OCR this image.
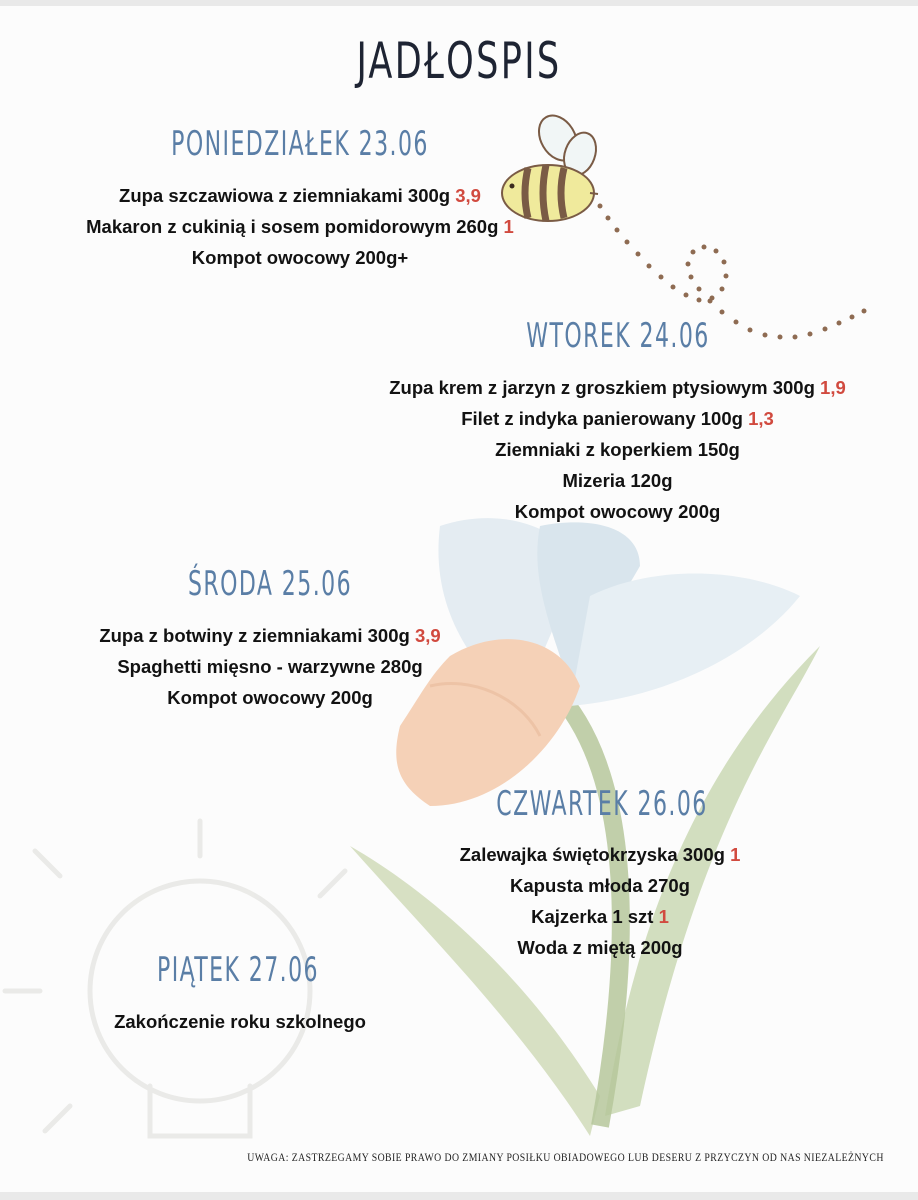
JADŁOSPIS
PONIEDZIAŁEK 23.06
Zupa szczawiowa z ziemniakami 300g 3,9
Makaron z cukinią i sosem pomidorowym 260g 1
Kompot owocowy 200g+
WTOREK 24.06
Zupa krem z jarzyn z groszkiem ptysiowym 300g 1,9
Filet z indyka panierowany 100g 1,3
Ziemniaki z koperkiem 150g
Mizeria 120g
Kompot owocowy 200g
ŚRODA 25.06
Zupa z botwiny z ziemniakami 300g 3,9
Spaghetti mięsno - warzywne 280g
Kompot owocowy 200g
CZWARTEK 26.06
Zalewajka świętokrzyska 300g 1
Kapusta młoda 270g
Kajzerka 1 szt 1
Woda z miętą 200g
PIĄTEK 27.06
Zakończenie roku szkolnego
UWAGA: ZASTRZEGAMY SOBIE PRAWO DO ZMIANY POSIŁKU OBIADOWEGO LUB DESERU Z PRZYCZYN OD NAS NIEZALEŻNYCH
